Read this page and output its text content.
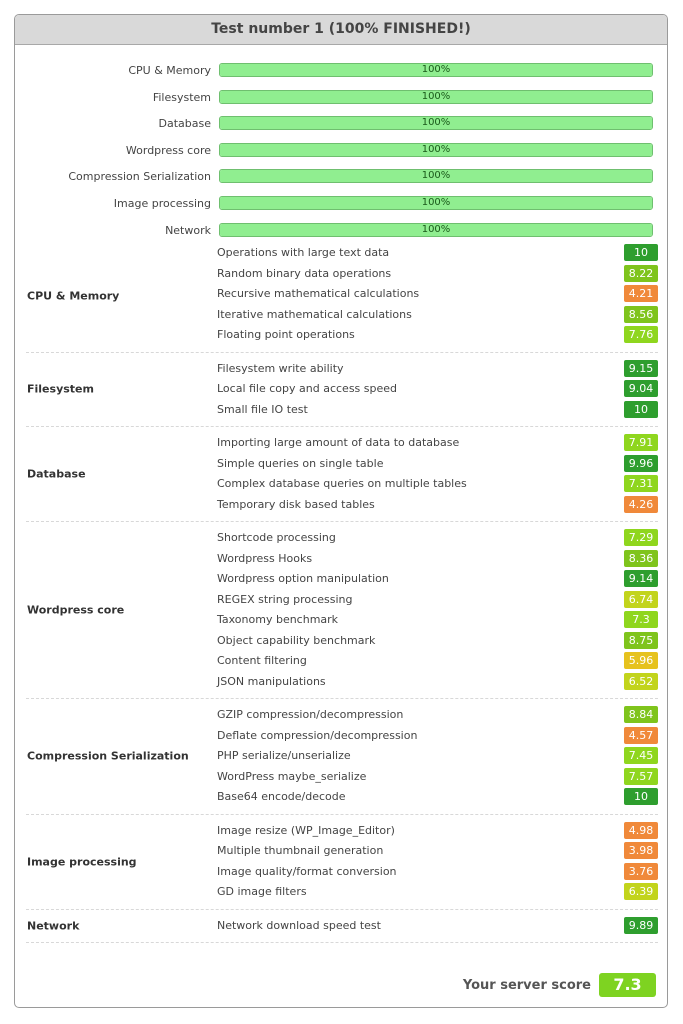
Test number 1 (100% FINISHED!)
CPU & Memory	100%
Filesystem	100%
Database	100%
Wordpress core	100%
Compression Serialization	100%
Image processing	100%
Network	100%
CPU & Memory
Operations with large text data	10
Random binary data operations	8.22
Recursive mathematical calculations	4.21
Iterative mathematical calculations	8.56
Floating point operations	7.76
Filesystem
Filesystem write ability	9.15
Local file copy and access speed	9.04
Small file IO test	10
Database
Importing large amount of data to database	7.91
Simple queries on single table	9.96
Complex database queries on multiple tables	7.31
Temporary disk based tables	4.26
Wordpress core
Shortcode processing	7.29
Wordpress Hooks	8.36
Wordpress option manipulation	9.14
REGEX string processing	6.74
Taxonomy benchmark	7.3
Object capability benchmark	8.75
Content filtering	5.96
JSON manipulations	6.52
Compression Serialization
GZIP compression/decompression	8.84
Deflate compression/decompression	4.57
PHP serialize/unserialize	7.45
WordPress maybe_serialize	7.57
Base64 encode/decode	10
Image processing
Image resize (WP_Image_Editor)	4.98
Multiple thumbnail generation	3.98
Image quality/format conversion	3.76
GD image filters	6.39
Network	Network download speed test	9.89
Your server score	7.3
